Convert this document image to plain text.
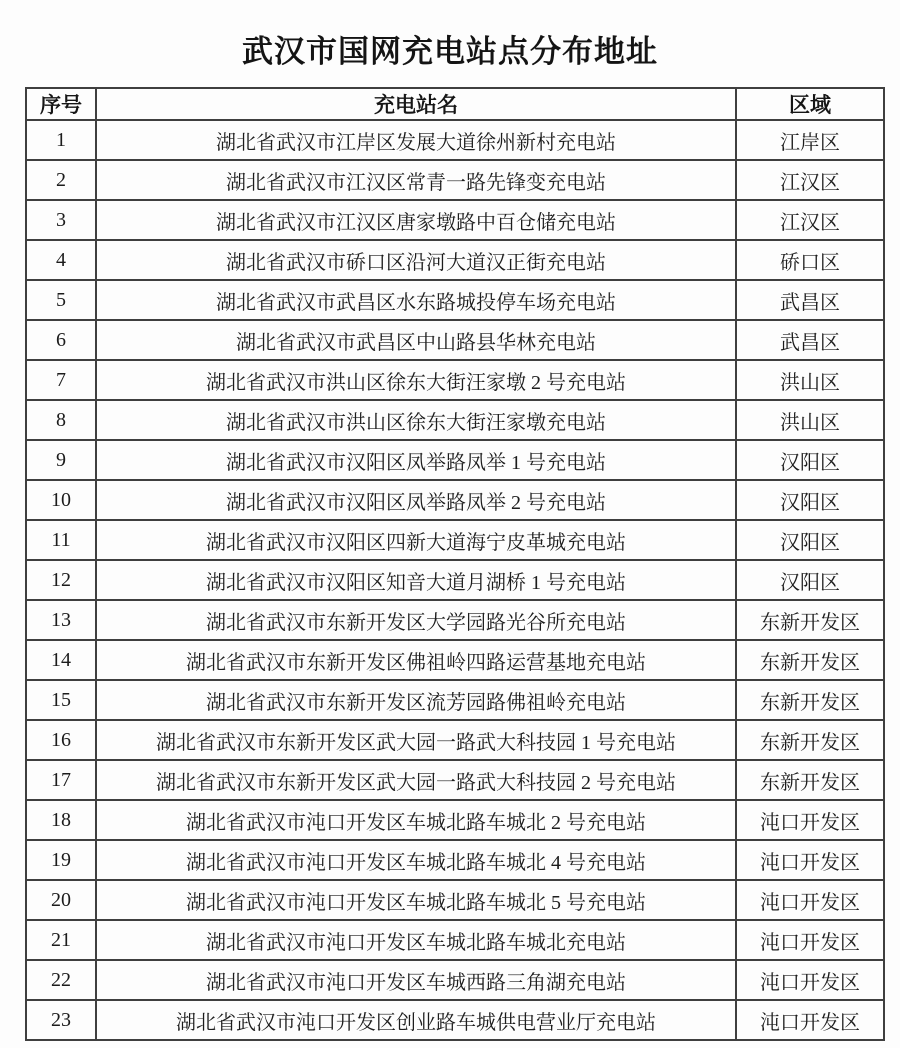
武汉市国网充电站点分布地址
序号	充电站名	区域
1	湖北省武汉市江岸区发展大道徐州新村充电站	江岸区
2	湖北省武汉市江汉区常青一路先锋变充电站	江汉区
3	湖北省武汉市江汉区唐家墩路中百仓储充电站	江汉区
4	湖北省武汉市硚口区沿河大道汉正街充电站	硚口区
5	湖北省武汉市武昌区水东路城投停车场充电站	武昌区
6	湖北省武汉市武昌区中山路县华林充电站	武昌区
7	湖北省武汉市洪山区徐东大街汪家墩 2 号充电站	洪山区
8	湖北省武汉市洪山区徐东大街汪家墩充电站	洪山区
9	湖北省武汉市汉阳区凤举路凤举 1 号充电站	汉阳区
10	湖北省武汉市汉阳区凤举路凤举 2 号充电站	汉阳区
11	湖北省武汉市汉阳区四新大道海宁皮革城充电站	汉阳区
12	湖北省武汉市汉阳区知音大道月湖桥 1 号充电站	汉阳区
13	湖北省武汉市东新开发区大学园路光谷所充电站	东新开发区
14	湖北省武汉市东新开发区佛祖岭四路运营基地充电站	东新开发区
15	湖北省武汉市东新开发区流芳园路佛祖岭充电站	东新开发区
16	湖北省武汉市东新开发区武大园一路武大科技园 1 号充电站	东新开发区
17	湖北省武汉市东新开发区武大园一路武大科技园 2 号充电站	东新开发区
18	湖北省武汉市沌口开发区车城北路车城北 2 号充电站	沌口开发区
19	湖北省武汉市沌口开发区车城北路车城北 4 号充电站	沌口开发区
20	湖北省武汉市沌口开发区车城北路车城北 5 号充电站	沌口开发区
21	湖北省武汉市沌口开发区车城北路车城北充电站	沌口开发区
22	湖北省武汉市沌口开发区车城西路三角湖充电站	沌口开发区
23	湖北省武汉市沌口开发区创业路车城供电营业厅充电站	沌口开发区
